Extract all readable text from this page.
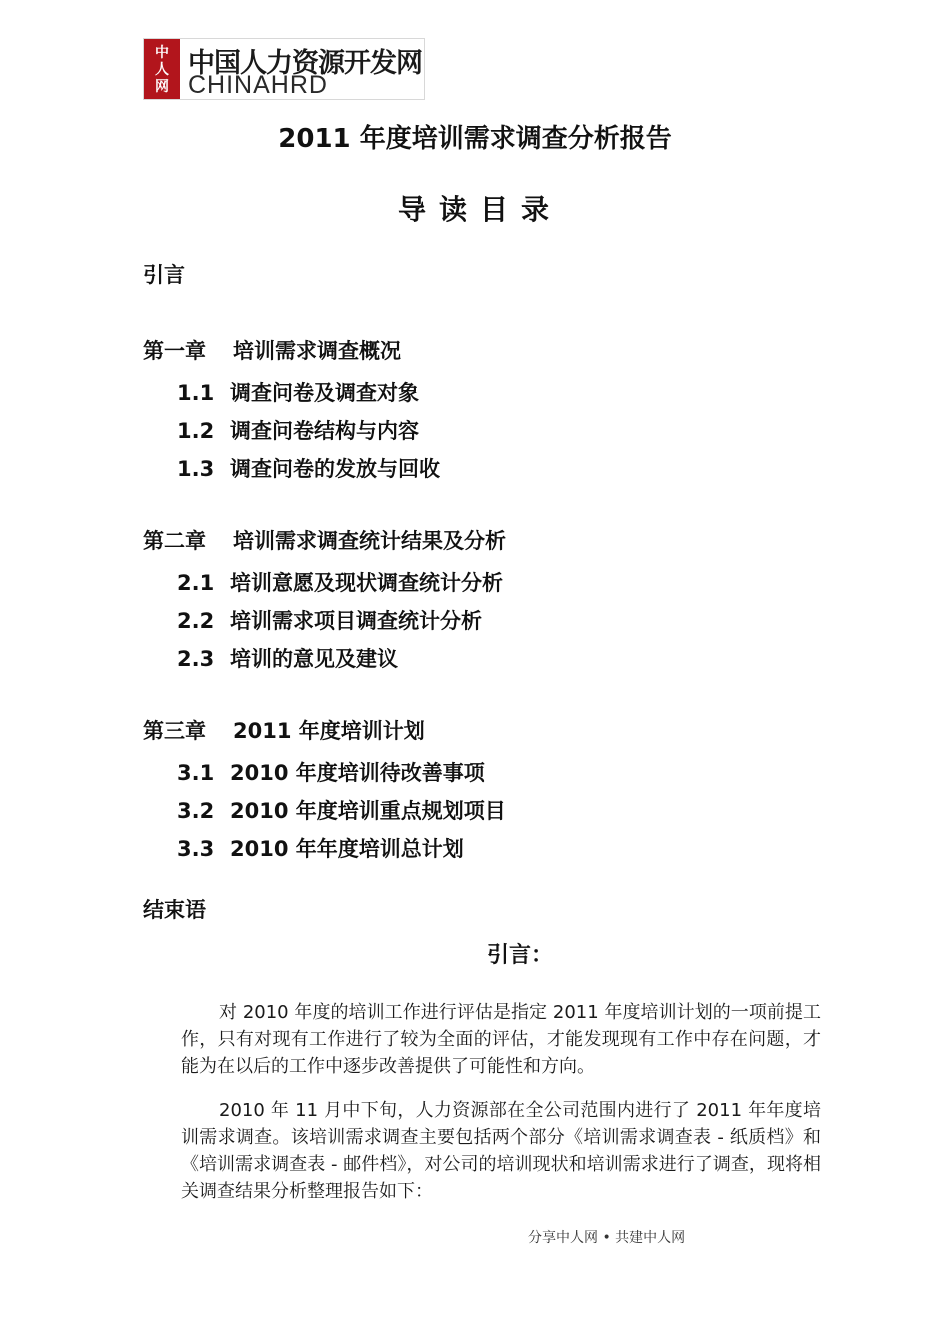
中
人
网
中国人力资源开发网
CHINAHRD
2011 年度培训需求调查分析报告
导读目录
引言
第一章 培训需求调查概况
1.1 调查问卷及调查对象
1.2 调查问卷结构与内容
1.3 调查问卷的发放与回收
第二章 培训需求调查统计结果及分析
2.1 培训意愿及现状调查统计分析
2.2 培训需求项目调查统计分析
2.3 培训的意见及建议
第三章 2011 年度培训计划
3.1 2010 年度培训待改善事项
3.2 2010 年度培训重点规划项目
3.3 2010 年年度培训总计划
结束语
引言：

对 2010 年度的培训工作进行评估是指定 2011 年度培训计划的一项前提工作，只有对现有工作进行了较为全面的评估，才能发现现有工作中存在问题，才能为在以后的工作中逐步改善提供了可能性和方向。

2010 年 11 月中下旬，人力资源部在全公司范围内进行了 2011 年年度培训需求调查。该培训需求调查主要包括两个部分《培训需求调查表 - 纸质档》和《培训需求调查表 - 邮件档》，对公司的培训现状和培训需求进行了调查，现将相关调查结果分析整理报告如下：

分享中人网 • 共建中人网
